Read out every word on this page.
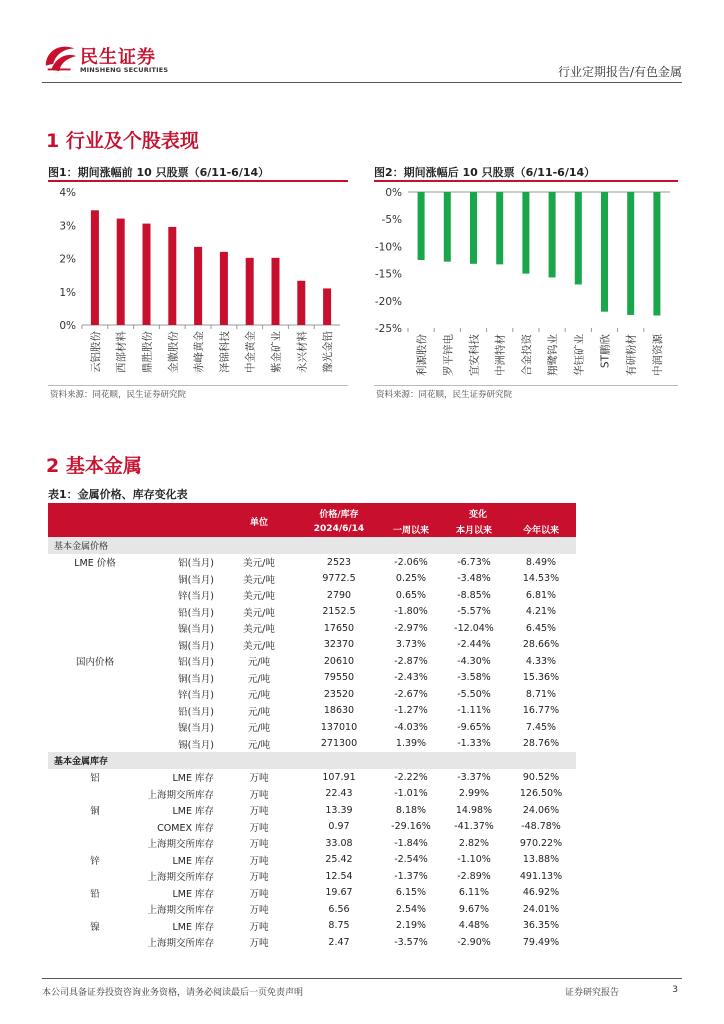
民生证券
MINSHENG SECURITIES	行业定期报告/有色金属
1 行业及个股表现
图1：期间涨幅前 10 只股票（6/11-6/14）
4%
3%
2%
1%
0%
云铝股份 西部材料 鼎胜股份 金徽股份 赤峰黄金 泽锦科技 中金黄金 紫金矿业 永兴材料 豫光金铅
资料来源：同花顺，民生证券研究院
图2：期间涨幅后 10 只股票（6/11-6/14）
0%
-5%
-10%
-15%
-20%
-25%
利源股份 罗平锌电 宜安科技 中洲特材 合金投资 翔鹭钨业 华钰矿业 ST鹏欣 有研粉材 中润资源
资料来源：同花顺，民生证券研究院
2 基本金属
表1：金属价格、库存变化表
		单位	价格/库存	变化		
			2024/6/14	一周以来	本月以来	今年以来
基本金属价格						
LME 价格	铝(当月)	美元/吨	2523	-2.06%	-6.73%	8.49%
	铜(当月)	美元/吨	9772.5	0.25%	-3.48%	14.53%
	锌(当月)	美元/吨	2790	0.65%	-8.85%	6.81%
	铅(当月)	美元/吨	2152.5	-1.80%	-5.57%	4.21%
	镍(当月)	美元/吨	17650	-2.97%	-12.04%	6.45%
	锡(当月)	美元/吨	32370	3.73%	-2.44%	28.66%
国内价格	铝(当月)	元/吨	20610	-2.87%	-4.30%	4.33%
	铜(当月)	元/吨	79550	-2.43%	-3.58%	15.36%
	锌(当月)	元/吨	23520	-2.67%	-5.50%	8.71%
	铅(当月)	元/吨	18630	-1.27%	-1.11%	16.77%
	镍(当月)	元/吨	137010	-4.03%	-9.65%	7.45%
	锡(当月)	元/吨	271300	1.39%	-1.33%	28.76%
基本金属库存						
铝	LME 库存	万吨	107.91	-2.22%	-3.37%	90.52%
	上海期交所库存	万吨	22.43	-1.01%	2.99%	126.50%
铜	LME 库存	万吨	13.39	8.18%	14.98%	24.06%
	COMEX 库存	万吨	0.97	-29.16%	-41.37%	-48.78%
	上海期交所库存	万吨	33.08	-1.84%	2.82%	970.22%
锌	LME 库存	万吨	25.42	-2.54%	-1.10%	13.88%
	上海期交所库存	万吨	12.54	-1.37%	-2.89%	491.13%
铅	LME 库存	万吨	19.67	6.15%	6.11%	46.92%
	上海期交所库存	万吨	6.56	2.54%	9.67%	24.01%
镍	LME 库存	万吨	8.75	2.19%	4.48%	36.35%
	上海期交所库存	万吨	2.47	-3.57%	-2.90%	79.49%
本公司具备证券投资咨询业务资格，请务必阅读最后一页免责声明	证券研究报告	3
